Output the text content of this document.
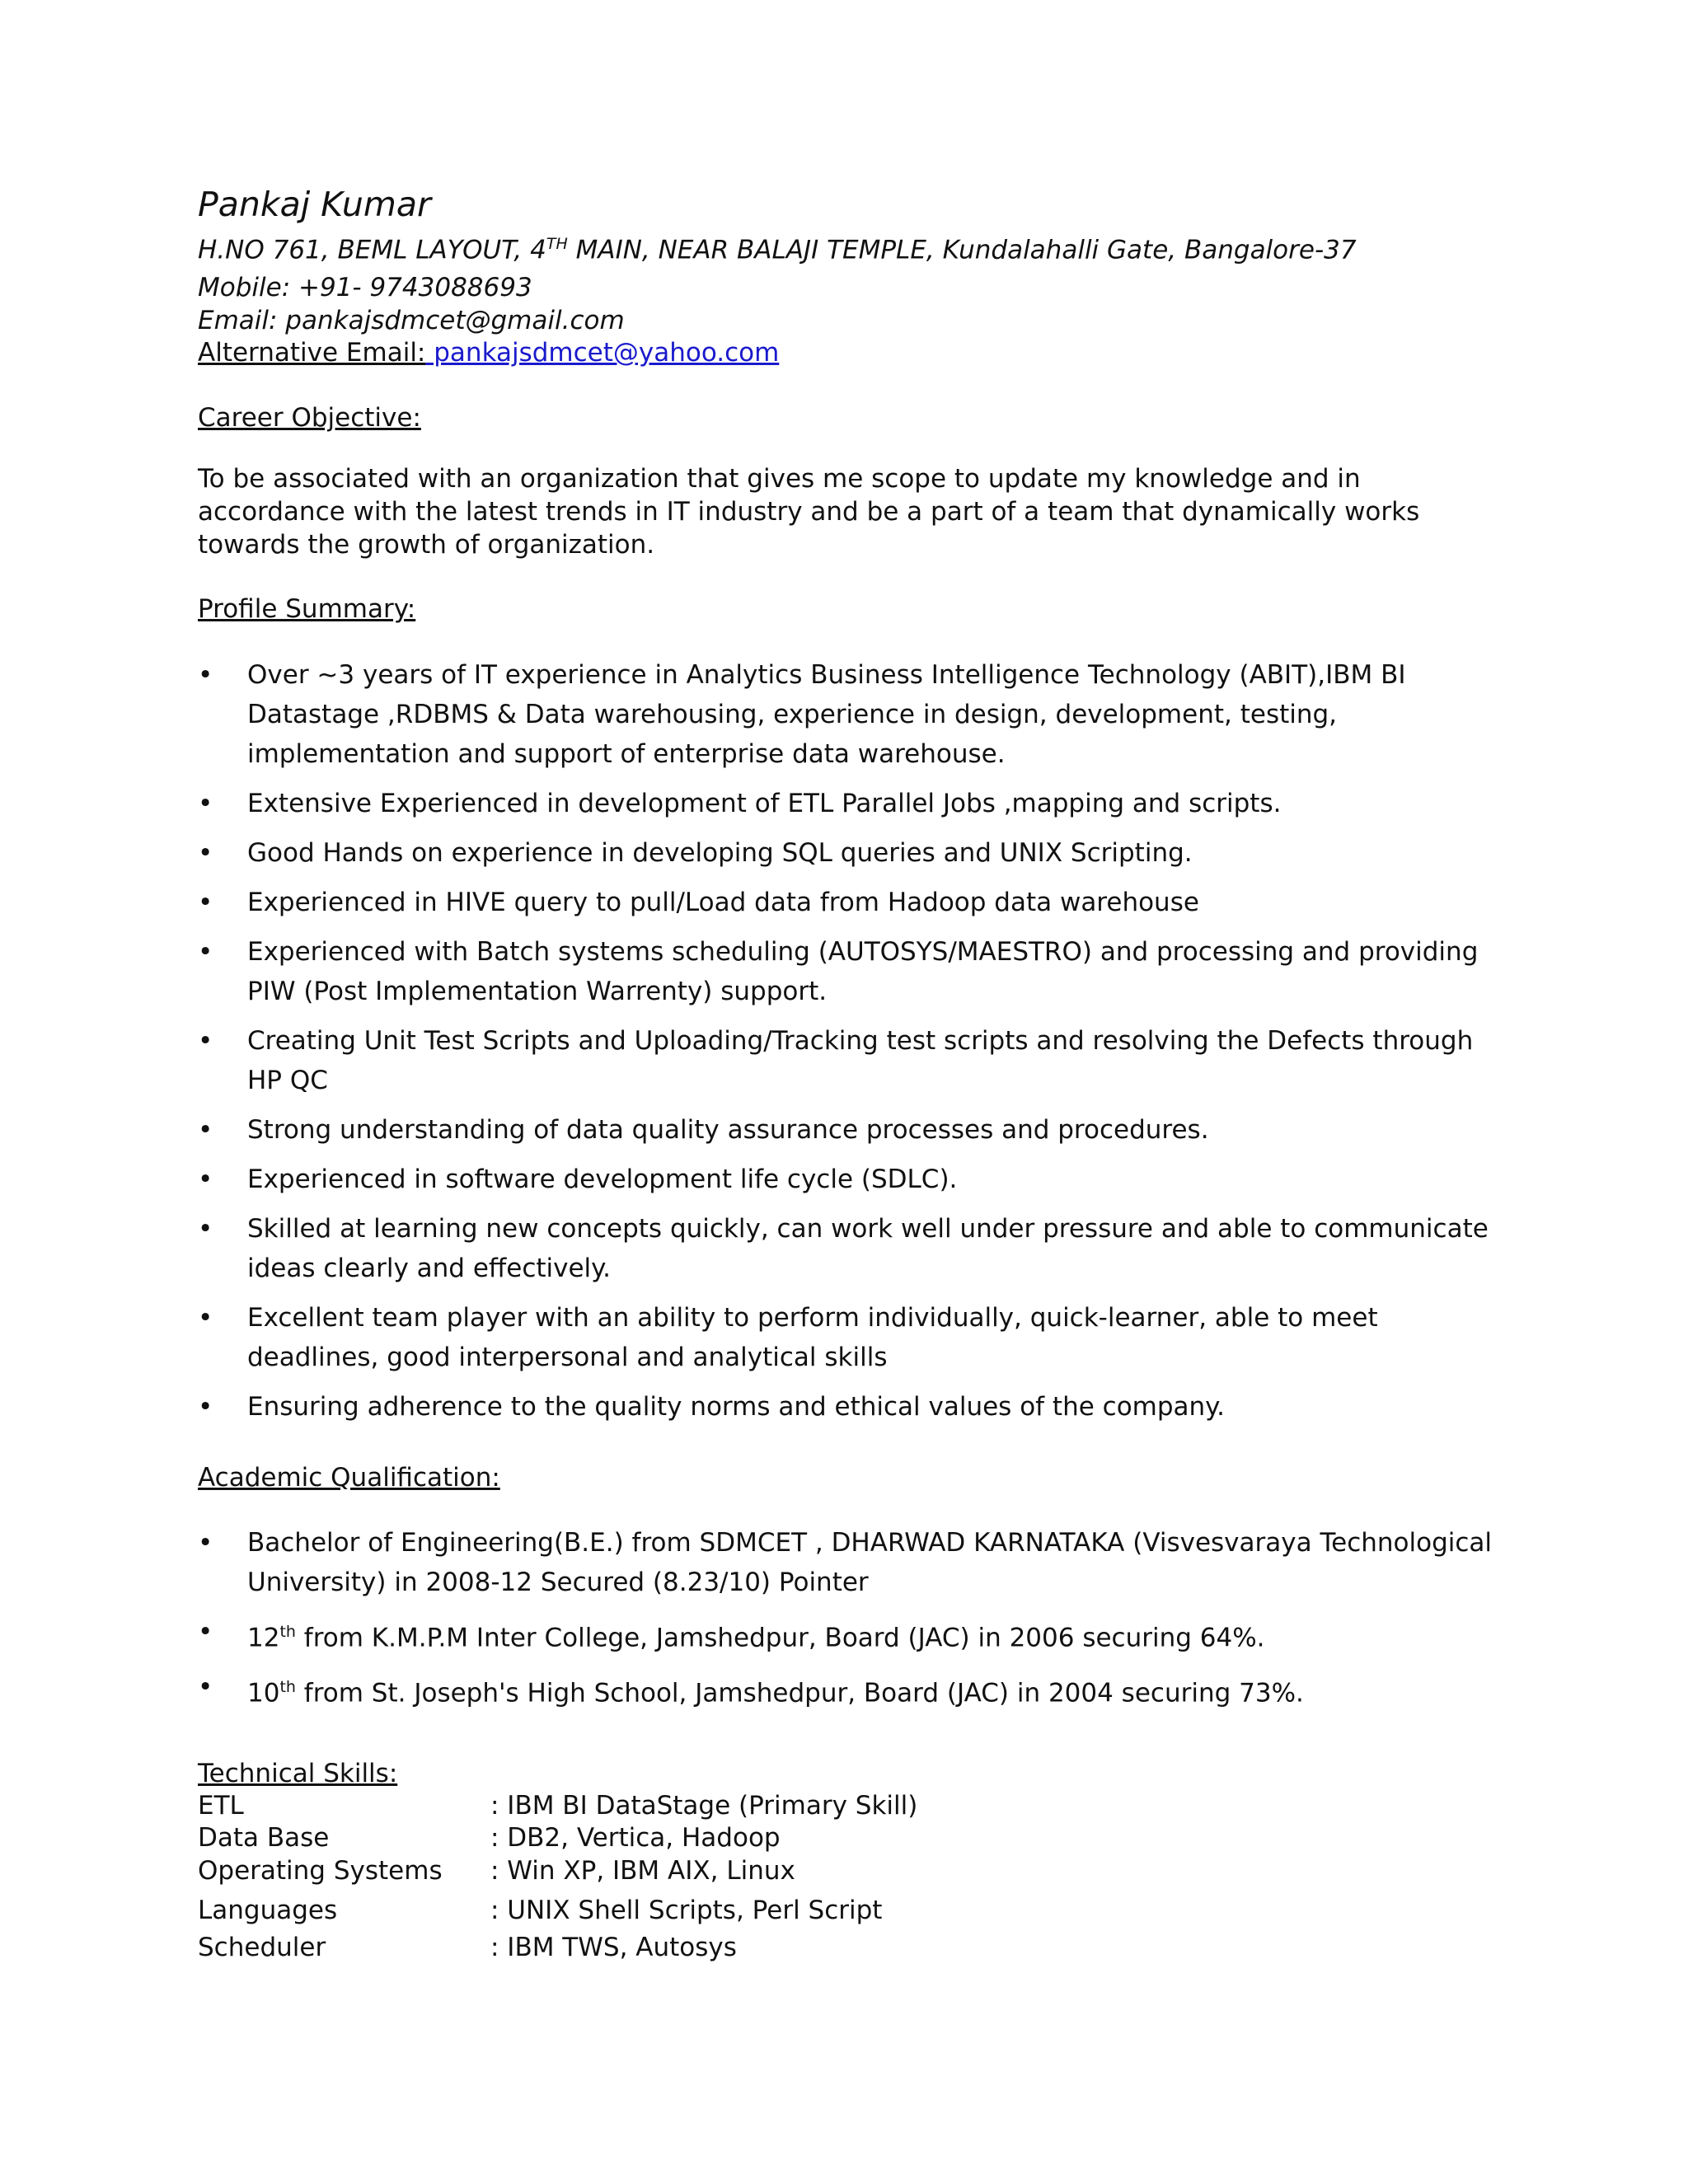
Pankaj Kumar
H.NO 761, BEML LAYOUT, 4TH MAIN, NEAR BALAJI TEMPLE, Kundalahalli Gate, Bangalore-37
Mobile: +91- 9743088693
Email: pankajsdmcet@gmail.com
Alternative Email: pankajsdmcet@yahoo.com
Career Objective:
To be associated with an organization that gives me scope to update my knowledge and in accordance with the latest trends in IT industry and be a part of a team that dynamically works towards the growth of organization.
Profile Summary:
•	Over ~3 years of IT experience in Analytics Business Intelligence Technology (ABIT),IBM BI Datastage ,RDBMS & Data warehousing, experience in design, development, testing, implementation and support of enterprise data warehouse.
•	Extensive Experienced in development of ETL Parallel Jobs ,mapping and scripts.
•	Good Hands on experience in developing SQL queries and UNIX Scripting.
•	Experienced in HIVE query to pull/Load data from Hadoop data warehouse
•	Experienced with Batch systems scheduling (AUTOSYS/MAESTRO) and processing and providing PIW (Post Implementation Warrenty) support.
•	Creating Unit Test Scripts and Uploading/Tracking test scripts and resolving the Defects through HP QC
•	Strong understanding of data quality assurance processes and procedures.
•	Experienced in software development life cycle (SDLC).
•	Skilled at learning new concepts quickly, can work well under pressure and able to communicate ideas clearly and effectively.
•	Excellent team player with an ability to perform individually, quick-learner, able to meet deadlines, good interpersonal and analytical skills
•	Ensuring adherence to the quality norms and ethical values of the company.
Academic Qualification:
•	Bachelor of Engineering(B.E.) from SDMCET , DHARWAD KARNATAKA (Visvesvaraya Technological University) in 2008-12 Secured (8.23/10) Pointer
•	12th from K.M.P.M Inter College, Jamshedpur, Board (JAC) in 2006 securing 64%.
•	10th from St. Joseph's High School, Jamshedpur, Board (JAC) in 2004 securing 73%.
Technical Skills:
ETL	: IBM BI DataStage (Primary Skill)
Data Base	: DB2, Vertica, Hadoop
Operating Systems	: Win XP, IBM AIX, Linux
Languages	: UNIX Shell Scripts, Perl Script
Scheduler	: IBM TWS, Autosys
